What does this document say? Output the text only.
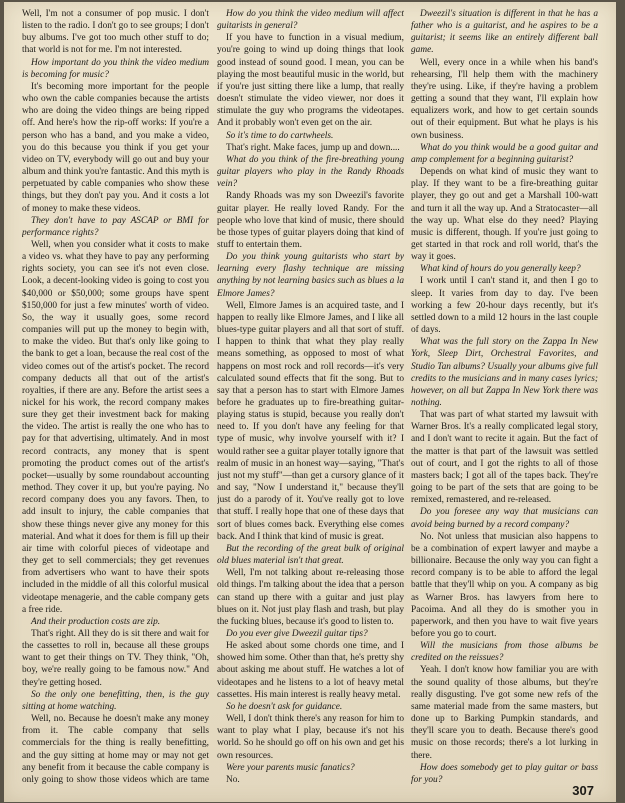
Well, I'm not a consumer of pop music. I don't listen to the radio. I don't go to see groups; I don't buy albums. I've got too much other stuff to do; that world is not for me. I'm not interested.

How important do you think the video medium is becoming for music?

It's becoming more important for the people who own the cable companies because the artists who are doing the video things are being ripped off. And here's how the rip-off works: If you're a person who has a band, and you make a video, you do this because you think if you get your video on TV, everybody will go out and buy your album and think you're fantastic. And this myth is perpetuated by cable companies who show these things, but they don't pay you. And it costs a lot of money to make these videos.

They don't have to pay ASCAP or BMI for performance rights?

Well, when you consider what it costs to make a video vs. what they have to pay any performing rights society, you can see it's not even close. Look, a decent-looking video is going to cost you $40,000 or $50,000; some groups have spent $150,000 for just a few minutes' worth of video. So, the way it usually goes, some record companies will put up the money to begin with, to make the video. But that's only like going to the bank to get a loan, because the real cost of the video comes out of the artist's pocket. The record company deducts all that out of the artist's royalties, if there are any. Before the artist sees a nickel for his work, the record company makes sure they get their investment back for making the video. The artist is really the one who has to pay for that advertising, ultimately. And in most record contracts, any money that is spent promoting the product comes out of the artist's pocket—usually by some roundabout accounting method. They cover it up, but you're paying. No record company does you any favors. Then, to add insult to injury, the cable companies that show these things never give any money for this material. And what it does for them is fill up their air time with colorful pieces of videotape and they get to sell commercials; they get revenues from advertisers who want to have their spots included in the middle of all this colorful musical videotape menagerie, and the cable company gets a free ride.

And their production costs are zip.

That's right. All they do is sit there and wait for the cassettes to roll in, because all these groups want to get their things on TV. They think, "Oh, boy, we're really going to be famous now." And they're getting hosed.

So the only one benefitting, then, is the guy sitting at home watching.

Well, no. Because he doesn't make any money from it. The cable company that sells commercials for the thing is really benefitting, and the guy sitting at home may or may not get any benefit from it because the cable company is only going to show those videos which are tame

How do you think the video medium will affect guitarists in general?

If you have to function in a visual medium, you're going to wind up doing things that look good instead of sound good. I mean, you can be playing the most beautiful music in the world, but if you're just sitting there like a lump, that really doesn't stimulate the video viewer, nor does it stimulate the guy who programs the videotapes. And it probably won't even get on the air.

So it's time to do cartwheels.

That's right. Make faces, jump up and down....

What do you think of the fire-breathing young guitar players who play in the Randy Rhoads vein?

Randy Rhoads was my son Dweezil's favorite guitar player. He really loved Randy. For the people who love that kind of music, there should be those types of guitar players doing that kind of stuff to entertain them.

Do you think young guitarists who start by learning every flashy technique are missing anything by not learning basics such as blues a la Elmore James?

Well, Elmore James is an acquired taste, and I happen to really like Elmore James, and I like all blues-type guitar players and all that sort of stuff. I happen to think that what they play really means something, as opposed to most of what happens on most rock and roll records—it's very calculated sound effects that fit the song. But to say that a person has to start with Elmore James before he graduates up to fire-breathing guitar-playing status is stupid, because you really don't need to. If you don't have any feeling for that type of music, why involve yourself with it? I would rather see a guitar player totally ignore that realm of music in an honest way—saying, "That's just not my stuff"—than get a cursory glance of it and say, "Now I understand it," because they'll just do a parody of it. You've really got to love that stuff. I really hope that one of these days that sort of blues comes back. Everything else comes back. And I think that kind of music is great.

But the recording of the great bulk of original old blues material isn't that great.

Well, I'm not talking about re-releasing those old things. I'm talking about the idea that a person can stand up there with a guitar and just play blues on it. Not just play flash and trash, but play the fucking blues, because it's good to listen to.

Do you ever give Dweezil guitar tips?

He asked about some chords one time, and I showed him some. Other than that, he's pretty shy about asking me about stuff. He watches a lot of videotapes and he listens to a lot of heavy metal cassettes. His main interest is really heavy metal.

So he doesn't ask for guidance.

Well, I don't think there's any reason for him to want to play what I play, because it's not his world. So he should go off on his own and get his own resources.

Were your parents music fanatics?

No.

Dweezil's situation is different in that he has a father who is a guitarist, and he aspires to be a guitarist; it seems like an entirely different ball game.

Well, every once in a while when his band's rehearsing, I'll help them with the machinery they're using. Like, if they're having a problem getting a sound that they want, I'll explain how equalizers work, and how to get certain sounds out of their equipment. But what he plays is his own business.

What do you think would be a good guitar and amp complement for a beginning guitarist?

Depends on what kind of music they want to play. If they want to be a fire-breathing guitar player, they go out and get a Marshall 100-watt and turn it all the way up. And a Stratocaster—all the way up. What else do they need? Playing music is different, though. If you're just going to get started in that rock and roll world, that's the way it goes.

What kind of hours do you generally keep?

I work until I can't stand it, and then I go to sleep. It varies from day to day. I've been working a few 20-hour days recently, but it's settled down to a mild 12 hours in the last couple of days.

What was the full story on the Zappa In New York, Sleep Dirt, Orchestral Favorites, and Studio Tan albums? Usually your albums give full credits to the musicians and in many cases lyrics; however, on all but Zappa In New York there was nothing.

That was part of what started my lawsuit with Warner Bros. It's a really complicated legal story, and I don't want to recite it again. But the fact of the matter is that part of the lawsuit was settled out of court, and I got the rights to all of those masters back; I got all of the tapes back. They're going to be part of the sets that are going to be remixed, remastered, and re-released.

Do you foresee any way that musicians can avoid being burned by a record company?

No. Not unless that musician also happens to be a combination of expert lawyer and maybe a billionaire. Because the only way you can fight a record company is to be able to afford the legal battle that they'll whip on you. A company as big as Warner Bros. has lawyers from here to Pacoima. And all they do is smother you in paperwork, and then you have to wait five years before you go to court.

Will the musicians from those albums be credited on the reissues?

Yeah. I don't know how familiar you are with the sound quality of those albums, but they're really disgusting. I've got some new refs of the same material made from the same masters, but done up to Barking Pumpkin standards, and they'll scare you to death. Because there's good music on those records; there's a lot lurking in there.

How does somebody get to play guitar or bass for you?

307
